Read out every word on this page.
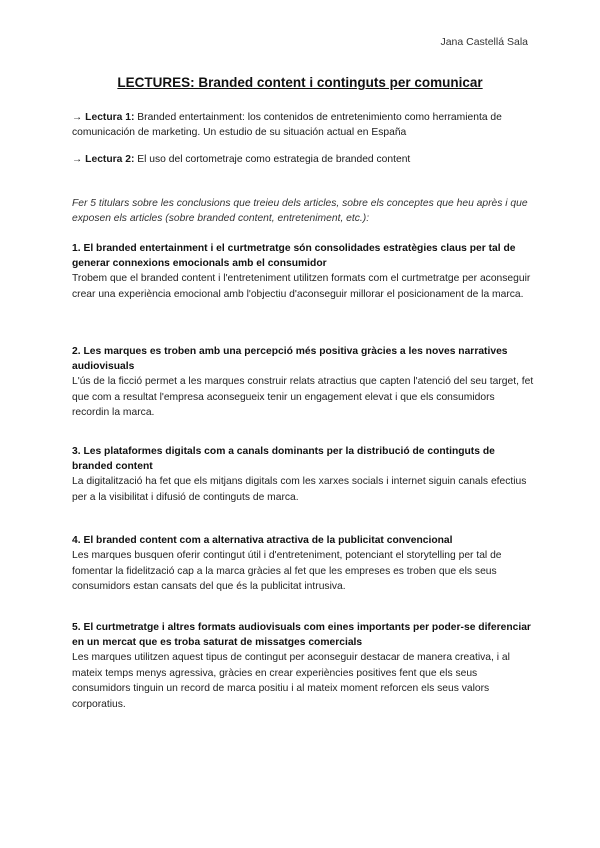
Jana Castellá Sala
LECTURES: Branded content i continguts per comunicar
→ Lectura 1: Branded entertainment: los contenidos de entretenimiento como herramienta de comunicación de marketing. Un estudio de su situación actual en España
→ Lectura 2: El uso del cortometraje como estrategia de branded content
Fer 5 titulars sobre les conclusions que treieu dels articles, sobre els conceptes que heu après i que exposen els articles (sobre branded content, entreteniment, etc.):
1. El branded entertainment i el curtmetratge són consolidades estratègies claus per tal de generar connexions emocionals amb el consumidor
Trobem que el branded content i l'entreteniment utilitzen formats com el curtmetratge per aconseguir crear una experiència emocional amb l'objectiu d'aconseguir millorar el posicionament de la marca.
2. Les marques es troben amb una percepció més positiva gràcies a les noves narratives audiovisuals
L'ús de la ficció permet a les marques construir relats atractius que capten l'atenció del seu target, fet que com a resultat l'empresa aconsegueix tenir un engagement elevat i que els consumidors recordin la marca.
3. Les plataformes digitals com a canals dominants per la distribució de continguts de branded content
La digitalització ha fet que els mitjans digitals com les xarxes socials i internet siguin canals efectius per a la visibilitat i difusió de continguts de marca.
4. El branded content com a alternativa atractiva de la publicitat convencional
Les marques busquen oferir contingut útil i d'entreteniment, potenciant el storytelling per tal de fomentar la fidelització cap a la marca gràcies al fet que les empreses es troben que els seus consumidors estan cansats del que és la publicitat intrusiva.
5. El curtmetratge i altres formats audiovisuals com eines importants per poder-se diferenciar en un mercat que es troba saturat de missatges comercials
Les marques utilitzen aquest tipus de contingut per aconseguir destacar de manera creativa, i al mateix temps menys agressiva, gràcies en crear experiències positives fent que els seus consumidors tinguin un record de marca positiu i al mateix moment reforcen els seus valors corporatius.
